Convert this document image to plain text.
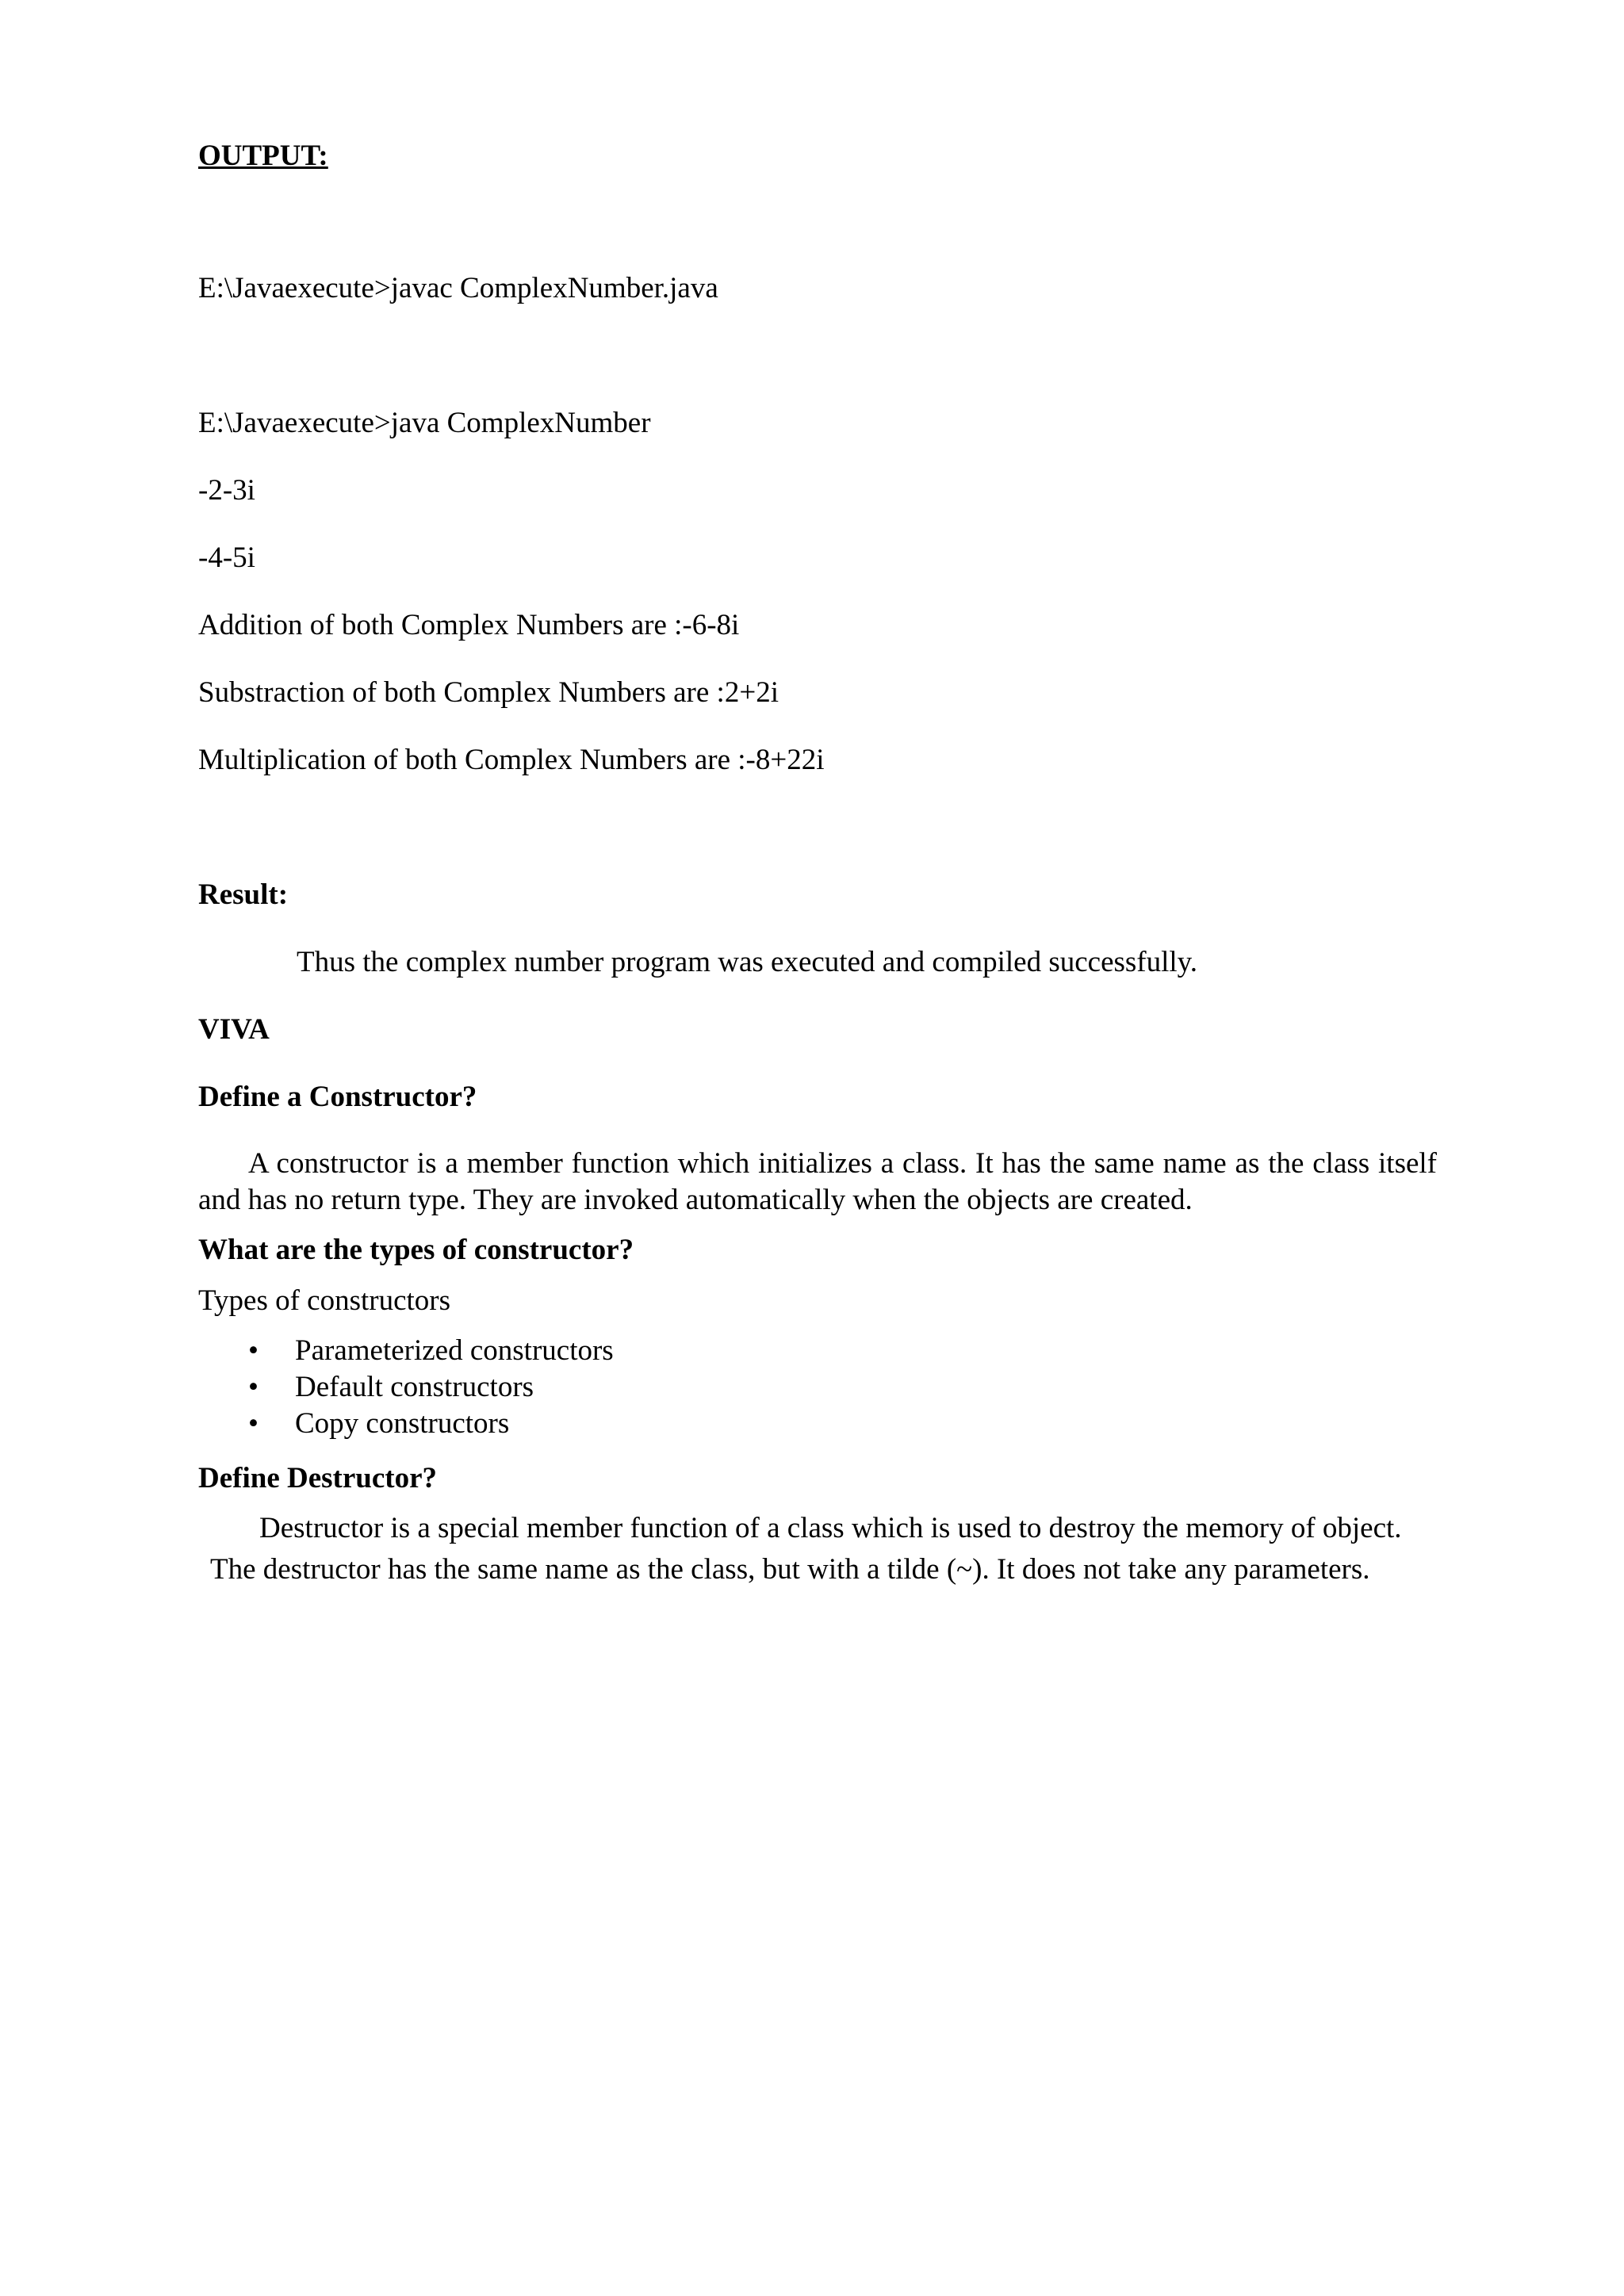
OUTPUT:

E:\Javaexecute>javac ComplexNumber.java

E:\Javaexecute>java ComplexNumber

-2-3i

-4-5i

Addition of both Complex Numbers are :-6-8i

Substraction of both Complex Numbers are :2+2i

Multiplication of both Complex Numbers are :-8+22i

Result:

Thus the complex number program was executed and compiled successfully.

VIVA
Define a Constructor?

A constructor is a member function which initializes a class. It has the same name as the class itself and has no return type. They are invoked automatically when the objects are created.

What are the types of constructor?

Types of constructors

• Parameterized constructors
• Default constructors
• Copy constructors
Define Destructor?

Destructor is a special member function of a class which is used to destroy the memory of object.

The destructor has the same name as the class, but with a tilde (~). It does not take any parameters.
